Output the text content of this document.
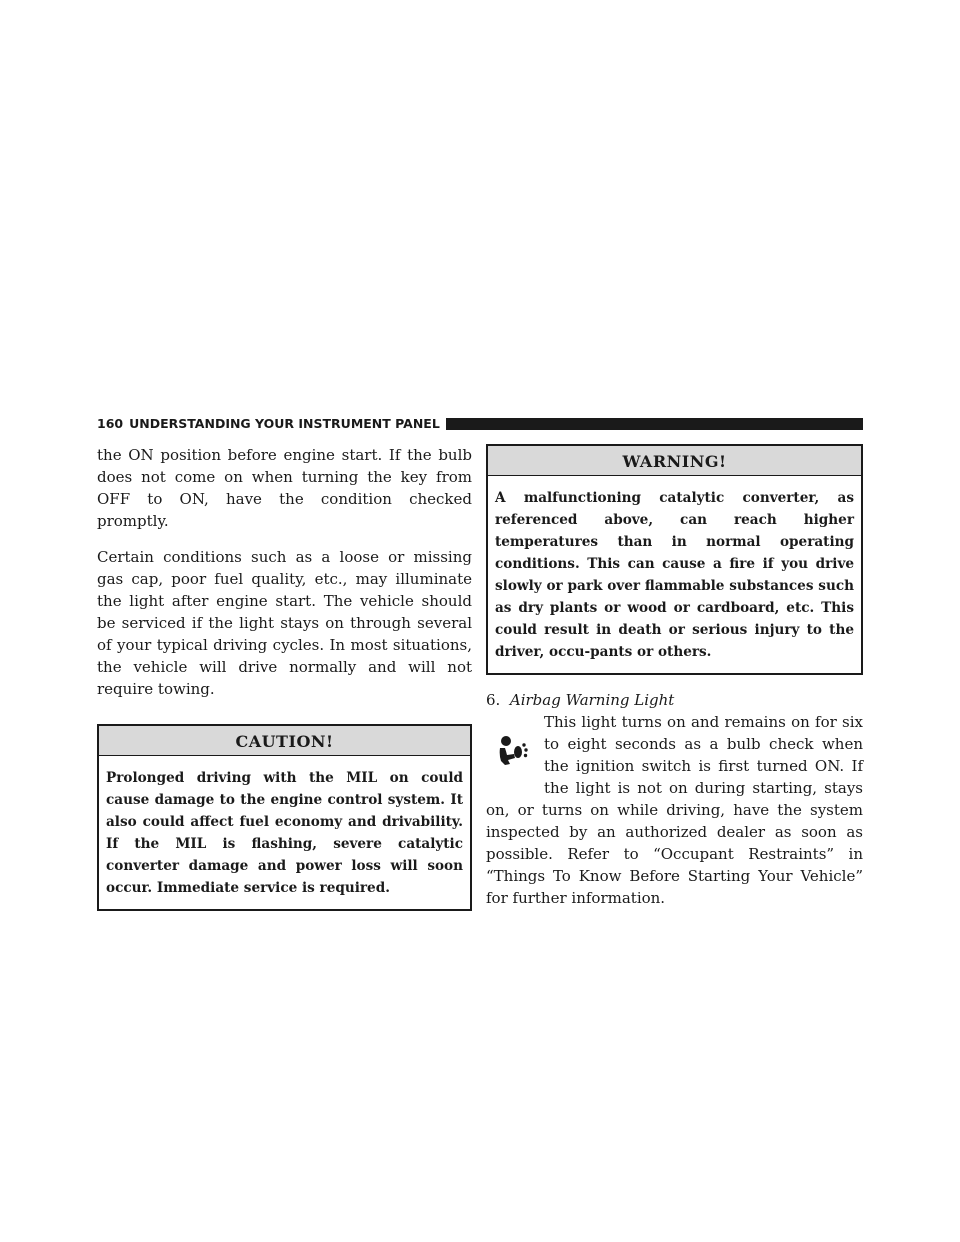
160 UNDERSTANDING YOUR INSTRUMENT PANEL

the ON position before engine start. If the bulb does not come on when turning the key from OFF to ON, have the condition checked promptly.

Certain conditions such as a loose or missing gas cap, poor fuel quality, etc., may illuminate the light after engine start. The vehicle should be serviced if the light stays on through several of your typical driving cycles. In most situations, the vehicle will drive normally and will not require towing.

CAUTION!
Prolonged driving with the MIL on could cause damage to the engine control system. It also could affect fuel economy and drivability. If the MIL is flashing, severe catalytic converter damage and power loss will soon occur. Immediate service is required.
WARNING!
A malfunctioning catalytic converter, as referenced above, can reach higher temperatures than in normal operating conditions. This can cause a fire if you drive slowly or park over flammable substances such as dry plants or wood or cardboard, etc. This could result in death or serious injury to the driver, occu-pants or others.

6. Airbag Warning Light

This light turns on and remains on for six to eight seconds as a bulb check when the ignition switch is first turned ON. If the light is not on during starting, stays on, or turns on while driving, have the system inspected by an authorized dealer as soon as possible. Refer to “Occupant Restraints” in “Things To Know Before Starting Your Vehicle” for further information.
